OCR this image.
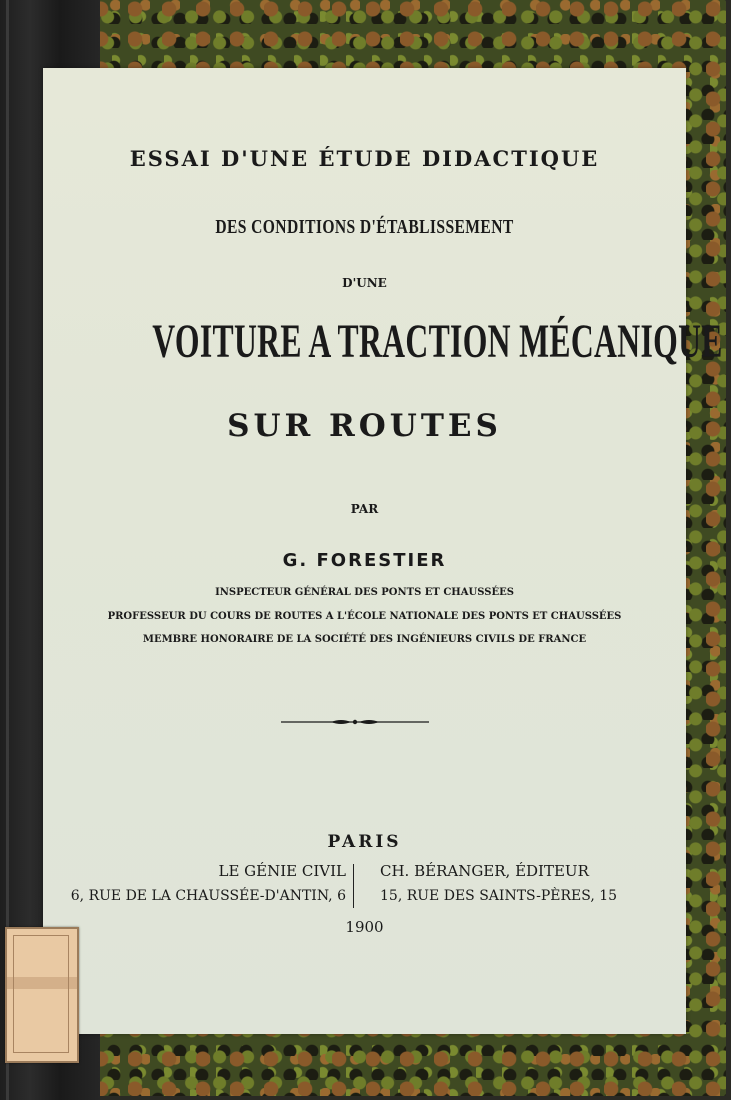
ESSAI D'UNE ÉTUDE DIDACTIQUE
DES CONDITIONS D'ÉTABLISSEMENT
D'UNE
VOITURE A TRACTION MÉCANIQUE
SUR ROUTES
PAR
G. FORESTIER
INSPECTEUR GÉNÉRAL DES PONTS ET CHAUSSÉES
PROFESSEUR DU COURS DE ROUTES A L'ÉCOLE NATIONALE DES PONTS ET CHAUSSÉES
MEMBRE HONORAIRE DE LA SOCIÉTÉ DES INGÉNIEURS CIVILS DE FRANCE
PARIS
LE GÉNIE CIVIL
6, RUE DE LA CHAUSSÉE-D'ANTIN, 6
CH. BÉRANGER, ÉDITEUR
15, RUE DES SAINTS-PÈRES, 15
1900
